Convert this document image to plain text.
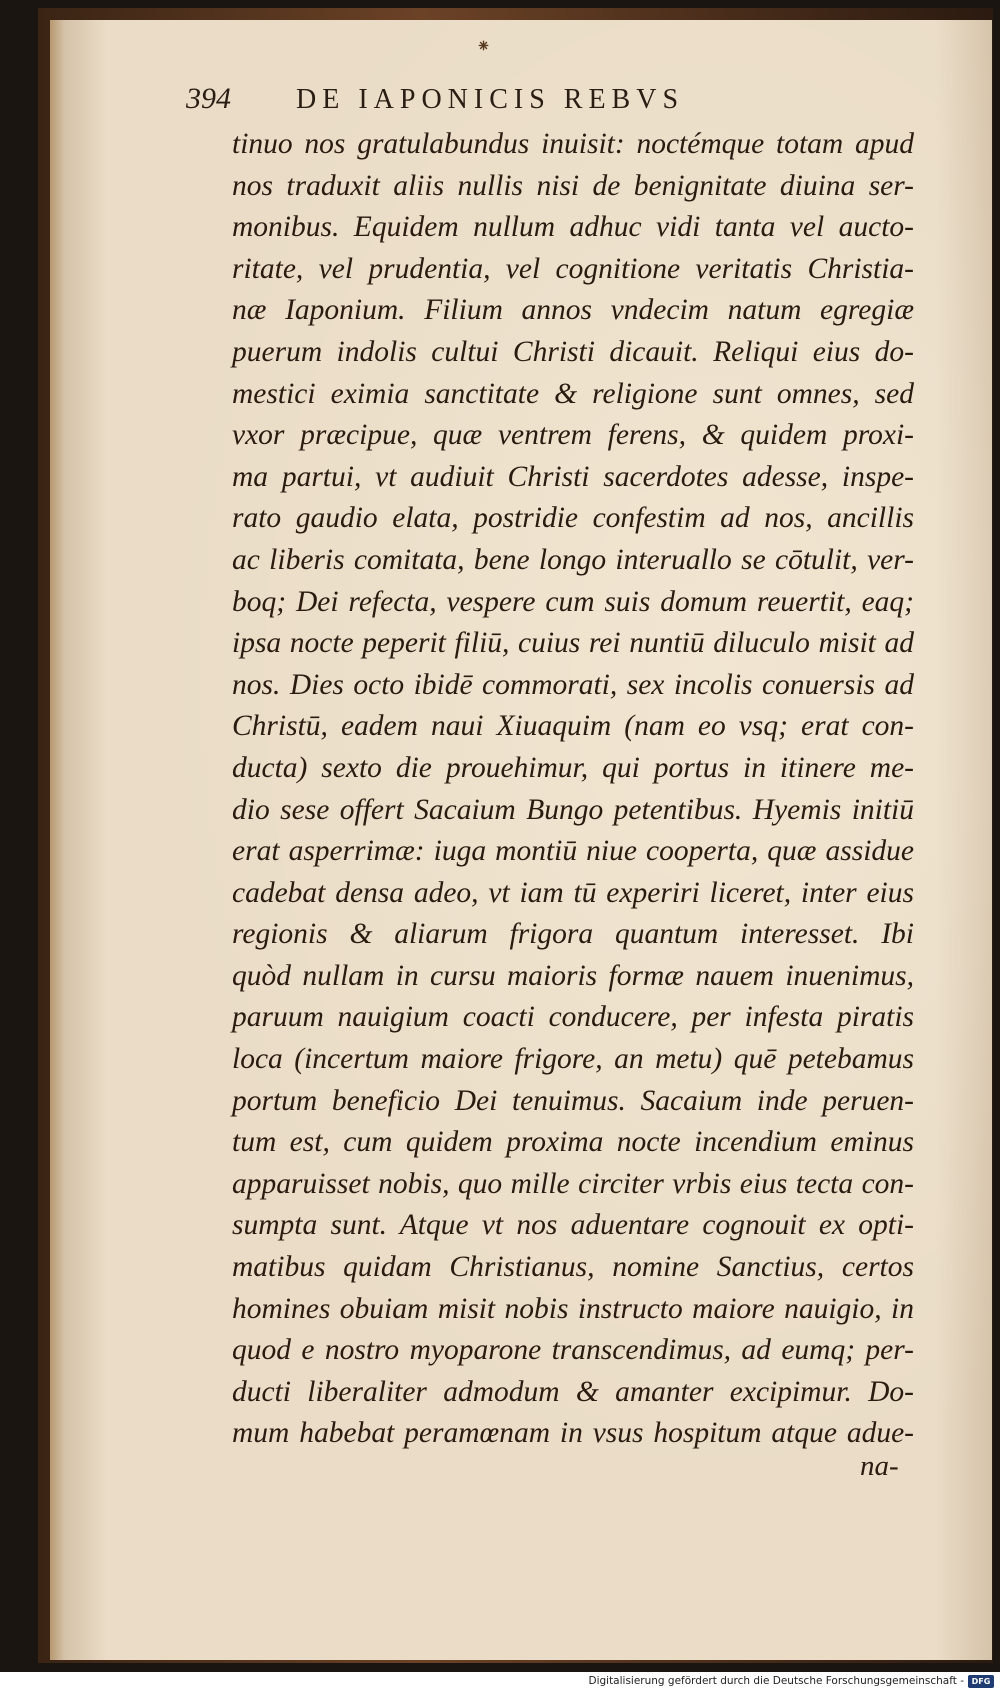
394 DE IAPONICIS REBVS
⁕
tinuo nos gratulabundus inuisit: noctémque totam apud
nos traduxit aliis nullis nisi de benignitate diuina ser-
monibus. Equidem nullum adhuc vidi tanta vel aucto-
ritate, vel prudentia, vel cognitione veritatis Christia-
næ Iaponium. Filium annos vndecim natum egregiæ
puerum indolis cultui Christi dicauit. Reliqui eius do-
mestici eximia sanctitate & religione sunt omnes, sed
vxor præcipue, quæ ventrem ferens, & quidem proxi-
ma partui, vt audiuit Christi sacerdotes adesse, inspe-
rato gaudio elata, postridie confestim ad nos, ancillis
ac liberis comitata, bene longo interuallo se cōtulit, ver-
boq; Dei refecta, vespere cum suis domum reuertit, eaq;
ipsa nocte peperit filiū, cuius rei nuntiū diluculo misit ad
nos. Dies octo ibidē commorati, sex incolis conuersis ad
Christū, eadem naui Xiuaquim (nam eo vsq; erat con-
ducta) sexto die prouehimur, qui portus in itinere me-
dio sese offert Sacaium Bungo petentibus. Hyemis initiū
erat asperrimæ: iuga montiū niue cooperta, quæ assidue
cadebat densa adeo, vt iam tū experiri liceret, inter eius
regionis & aliarum frigora quantum interesset. Ibi
quòd nullam in cursu maioris formæ nauem inuenimus,
paruum nauigium coacti conducere, per infesta piratis
loca (incertum maiore frigore, an metu) quē petebamus
portum beneficio Dei tenuimus. Sacaium inde peruen-
tum est, cum quidem proxima nocte incendium eminus
apparuisset nobis, quo mille circiter vrbis eius tecta con-
sumpta sunt. Atque vt nos aduentare cognouit ex opti-
matibus quidam Christianus, nomine Sanctius, certos
homines obuiam misit nobis instructo maiore nauigio, in
quod e nostro myoparone transcendimus, ad eumq; per-
ducti liberaliter admodum & amanter excipimur. Do-
mum habebat peramœnam in vsus hospitum atque adue-
na-
Digitalisierung gefördert durch die Deutsche Forschungsgemeinschaft - DFG
